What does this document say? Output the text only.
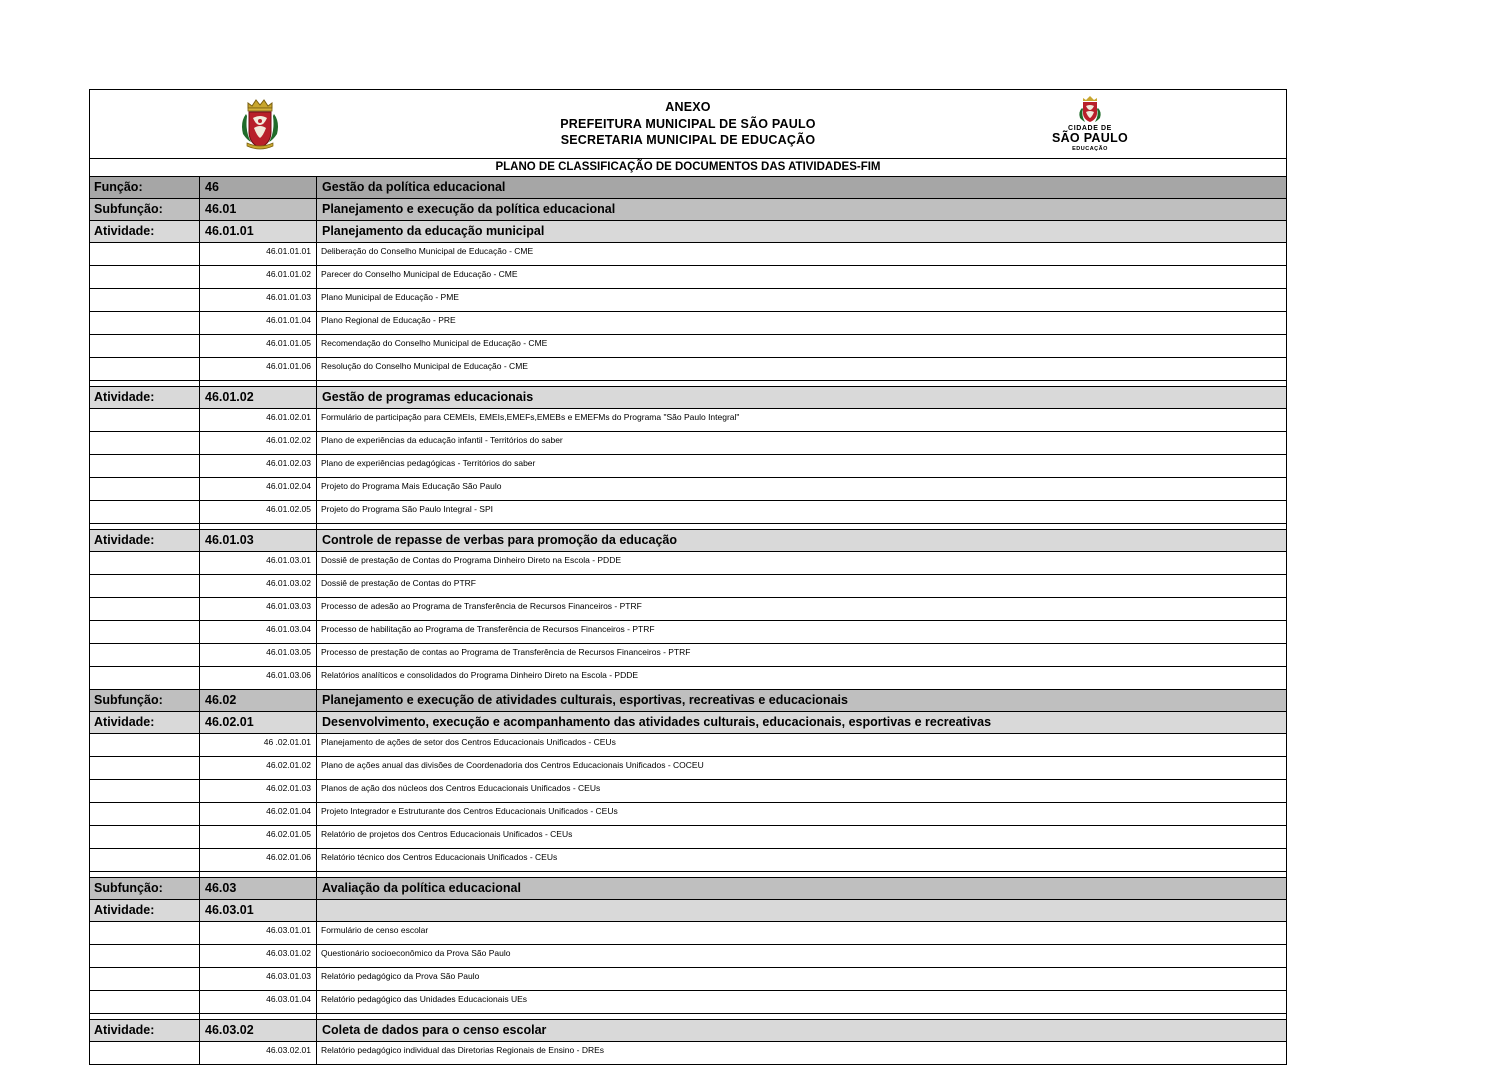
ANEXO
PREFEITURA MUNICIPAL DE SÃO PAULO
SECRETARIA MUNICIPAL DE EDUCAÇÃO
CIDADE DE
SÃO PAULO
EDUCAÇÃO

PLANO DE CLASSIFICAÇÃO DE DOCUMENTOS DAS ATIVIDADES-FIM		
Função:	46	Gestão da política educacional
Subfunção:	46.01	Planejamento e execução da política educacional
Atividade:	46.01.01	Planejamento da educação municipal
	46.01.01.01	Deliberação do Conselho Municipal de Educação - CME
	46.01.01.02	Parecer do Conselho Municipal de Educação - CME
	46.01.01.03	Plano Municipal de Educação - PME
	46.01.01.04	Plano Regional de Educação - PRE
	46.01.01.05	Recomendação do Conselho Municipal de Educação - CME
	46.01.01.06	Resolução do Conselho Municipal de Educação - CME

Atividade:	46.01.02	Gestão de programas educacionais
	46.01.02.01	Formulário de participação para CEMEIs, EMEIs,EMEFs,EMEBs e EMEFMs do Programa "São Paulo Integral"
	46.01.02.02	Plano de experiências da educação infantil - Territórios do saber
	46.01.02.03	Plano de experiências pedagógicas - Territórios do saber
	46.01.02.04	Projeto do Programa Mais Educação São Paulo
	46.01.02.05	Projeto do Programa São Paulo Integral - SPI

Atividade:	46.01.03	Controle de repasse de verbas para promoção da educação
	46.01.03.01	Dossiê de prestação de Contas do Programa Dinheiro Direto na Escola - PDDE
	46.01.03.02	Dossiê de prestação de Contas do PTRF
	46.01.03.03	Processo de adesão ao Programa de Transferência de Recursos Financeiros - PTRF
	46.01.03.04	Processo de habilitação ao Programa de Transferência de Recursos Financeiros - PTRF
	46.01.03.05	Processo de prestação de contas ao Programa de Transferência de Recursos Financeiros - PTRF
	46.01.03.06	Relatórios analíticos e consolidados do Programa Dinheiro Direto na Escola - PDDE
Subfunção:	46.02	Planejamento e execução de atividades culturais, esportivas, recreativas e educacionais
Atividade:	46.02.01	Desenvolvimento, execução e acompanhamento das atividades culturais, educacionais, esportivas e recreativas
	46 .02.01.01	Planejamento de ações de setor dos Centros Educacionais Unificados - CEUs
	46.02.01.02	Plano de ações anual das divisões de Coordenadoria dos Centros Educacionais Unificados - COCEU
	46.02.01.03	Planos de ação dos núcleos dos Centros Educacionais Unificados - CEUs
	46.02.01.04	Projeto Integrador e Estruturante dos Centros Educacionais Unificados - CEUs
	46.02.01.05	Relatório de projetos dos Centros Educacionais Unificados - CEUs
	46.02.01.06	Relatório técnico dos Centros Educacionais Unificados - CEUs

Subfunção:	46.03	Avaliação da política educacional
Atividade:	46.03.01	
	46.03.01.01	Formulário de censo escolar
	46.03.01.02	Questionário socioeconômico da Prova São Paulo
	46.03.01.03	Relatório pedagógico da Prova São Paulo
	46.03.01.04	Relatório pedagógico das Unidades Educacionais UEs

Atividade:	46.03.02	Coleta de dados para o censo escolar
	46.03.02.01	Relatório pedagógico individual das Diretorias Regionais de Ensino - DREs
